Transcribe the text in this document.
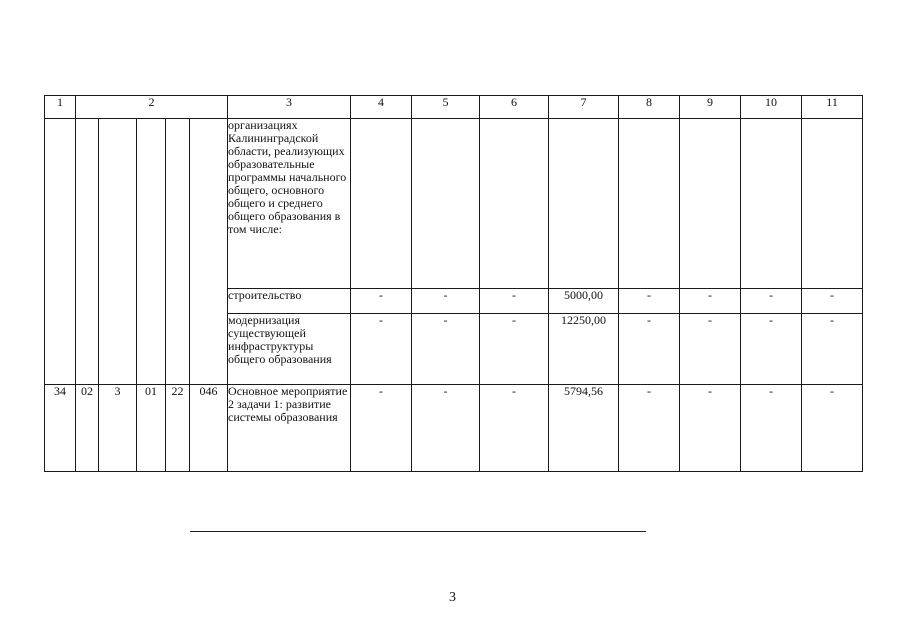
1	2					3	4	5	6	7	8	9	10	11
						организациях Калининградской области, реализующих образовательные программы начального общего, основного общего и среднего общего образования в том числе:								
						строительство	-	-	-	5000,00	-	-	-	-
						модернизация существующей инфраструктуры общего образования	-	-	-	12250,00	-	-	-	-
34	02	3	01	22	046	Основное мероприятие 2 задачи 1: развитие системы образования	-	-	-	5794,56	-	-	-	-
3
